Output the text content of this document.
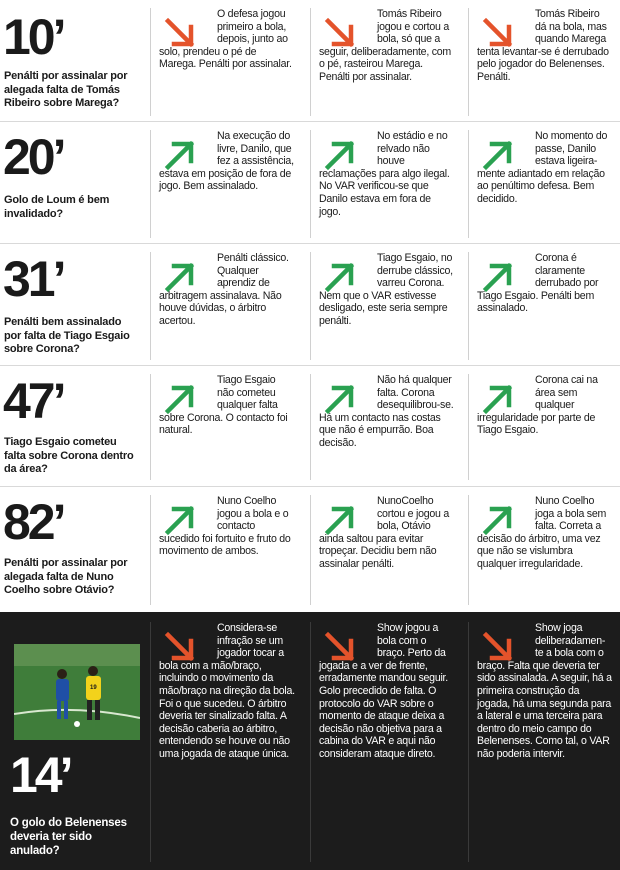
10’
Penálti por assinalar por alegada falta de Tomás Ribeiro sobre Marega?

O defesa jogou primeiro a bola, depois, junto ao solo, prendeu o pé de Marega. Penálti por assinalar.

Tomás Ribeiro jogou e cortou a bola, só que a seguir, deliberadamente, com o pé, rasteirou Marega. Penálti por assinalar.

Tomás Ribeiro dá na bola, mas quando Marega tenta levantar-se é derrubado pelo jogador do Belenenses. Penálti.

20’
Golo de Loum é bem invalidado?

Na execução do livre, Danilo, que fez a assistência, estava em posição de fora de jogo. Bem assinalado.

No estádio e no relvado não houve reclamações para algo ilegal. No VAR verificou-se que Danilo estava em fora de jogo.

No momento do passe, Danilo estava ligeira-mente adiantado em relação ao penúltimo defesa. Bem decidido.

31’
Penálti bem assinalado por falta de Tiago Esgaio sobre Corona?

Penálti clássico. Qualquer aprendiz de arbitragem assinalava. Não houve dúvidas, o árbitro acertou.

Tiago Esgaio, no derrube clássico, varreu Corona. Nem que o VAR estivesse desligado, este seria sempre penálti.

Corona é claramente derrubado por Tiago Esgaio. Penálti bem assinalado.

47’
Tiago Esgaio cometeu falta sobre Corona dentro da área?

Tiago Esgaio não cometeu qualquer falta sobre Corona. O contacto foi natural.

Não há qualquer falta. Corona desequilibrou-se. Há um contacto nas costas que não é empurrão. Boa decisão.

Corona cai na área sem qualquer irregularidade por parte de Tiago Esgaio.

82’
Penálti por assinalar por alegada falta de Nuno Coelho sobre Otávio?

Nuno Coelho jogou a bola e o contacto sucedido foi fortuito e fruto do movimento de ambos.

NunoCoelho cortou e jogou a bola, Otávio ainda saltou para evitar tropeçar. Decidiu bem não assinalar penálti.

Nuno Coelho joga a bola sem falta. Correta a decisão do árbitro, uma vez que não se vislumbra qualquer irregularidade.

Considera-se infração se um jogador tocar a bola com a mão/braço, incluindo o movimento da mão/braço na direção da bola. Foi o que sucedeu. O árbitro deveria ter sinalizado falta. A decisão caberia ao árbitro, entendendo se houve ou não uma jogada de ataque única.

Show jogou a bola com o braço. Perto da jogada e a ver de frente, erradamente mandou seguir. Golo precedido de falta. O protocolo do VAR sobre o momento de ataque deixa a decisão não objetiva para a cabina do VAR e aqui não consideram ataque direto.

Show joga deliberadamen-te a bola com o braço. Falta que deveria ter sido assinalada. A seguir, há a primeira construção da jogada, há uma segunda para a lateral e uma terceira para dentro do meio campo do Belenenses. Como tal, o VAR não poderia intervir.

14’
O golo do Belenenses deveria ter sido anulado?
19
